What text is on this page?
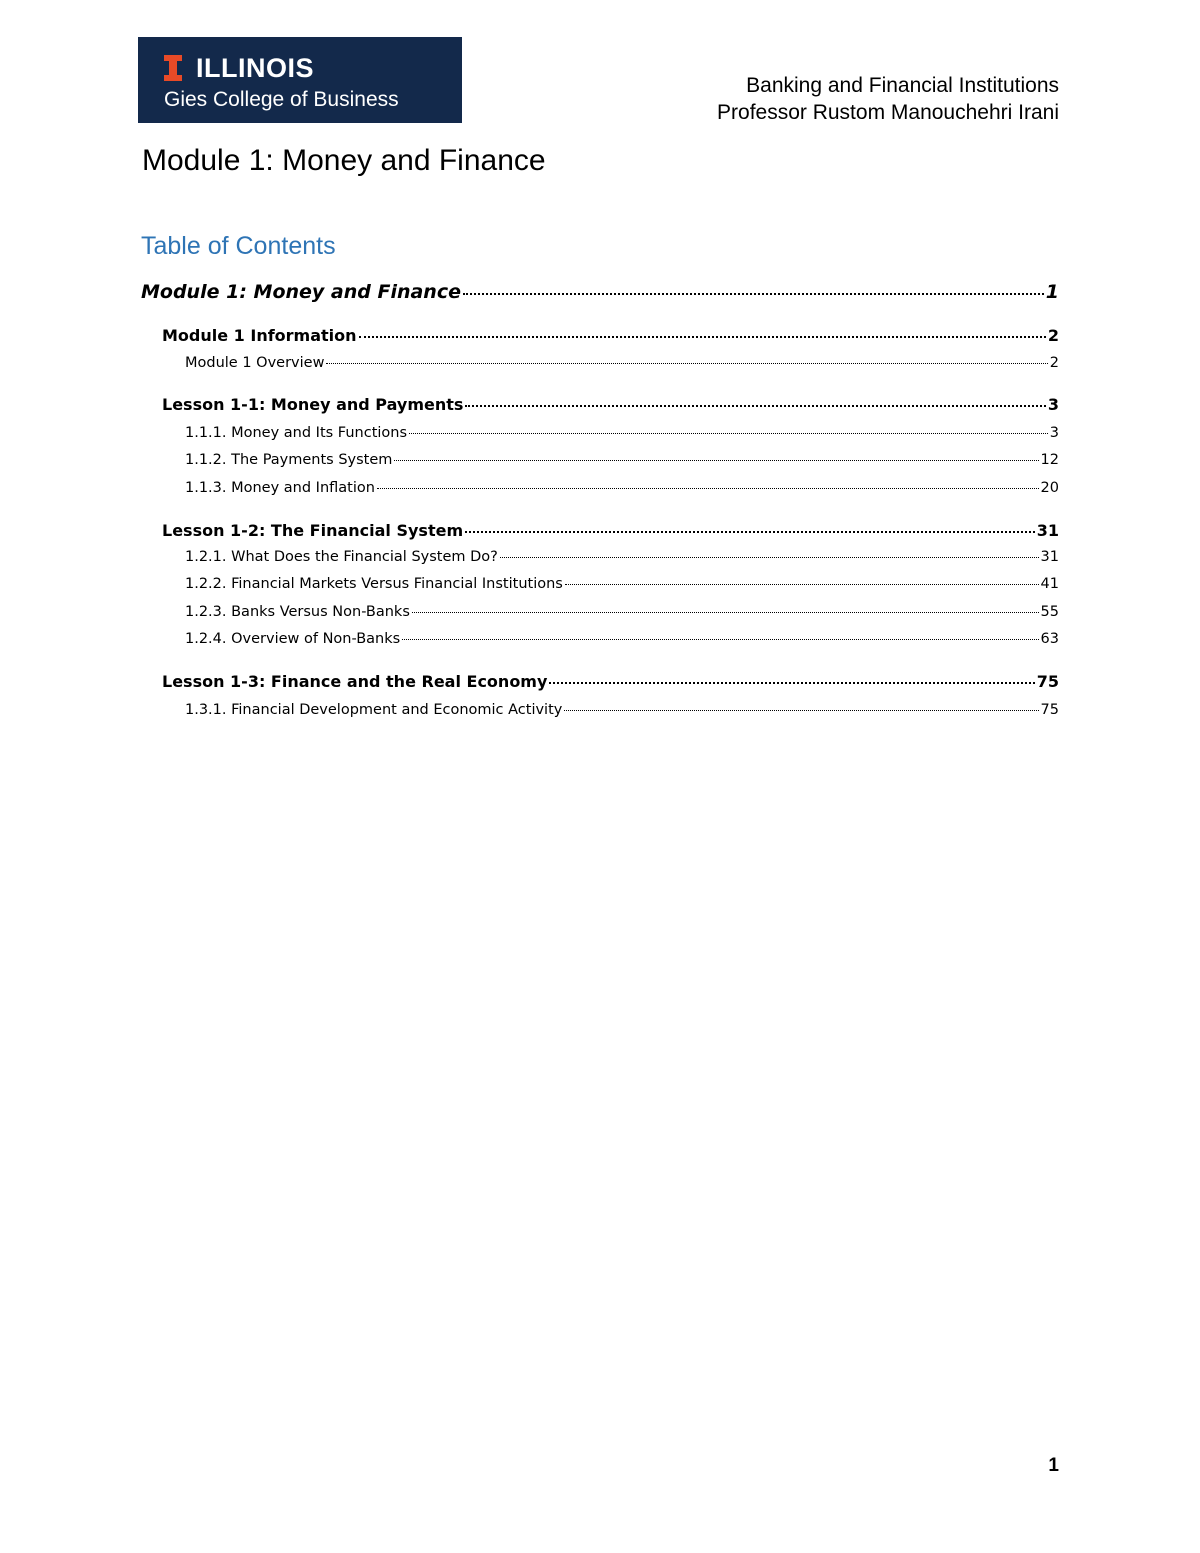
ILLINOIS
Gies College of Business
Banking and Financial Institutions
Professor Rustom Manouchehri Irani
Module 1: Money and Finance
Table of Contents
Module 1: Money and Finance	1
Module 1 Information	2
Module 1 Overview	2
Lesson 1-1: Money and Payments	3
1.1.1. Money and Its Functions	3
1.1.2. The Payments System	12
1.1.3. Money and Inflation	20
Lesson 1-2: The Financial System	31
1.2.1. What Does the Financial System Do?	31
1.2.2. Financial Markets Versus Financial Institutions	41
1.2.3. Banks Versus Non-Banks	55
1.2.4. Overview of Non-Banks	63
Lesson 1-3: Finance and the Real Economy	75
1.3.1. Financial Development and Economic Activity	75
1
